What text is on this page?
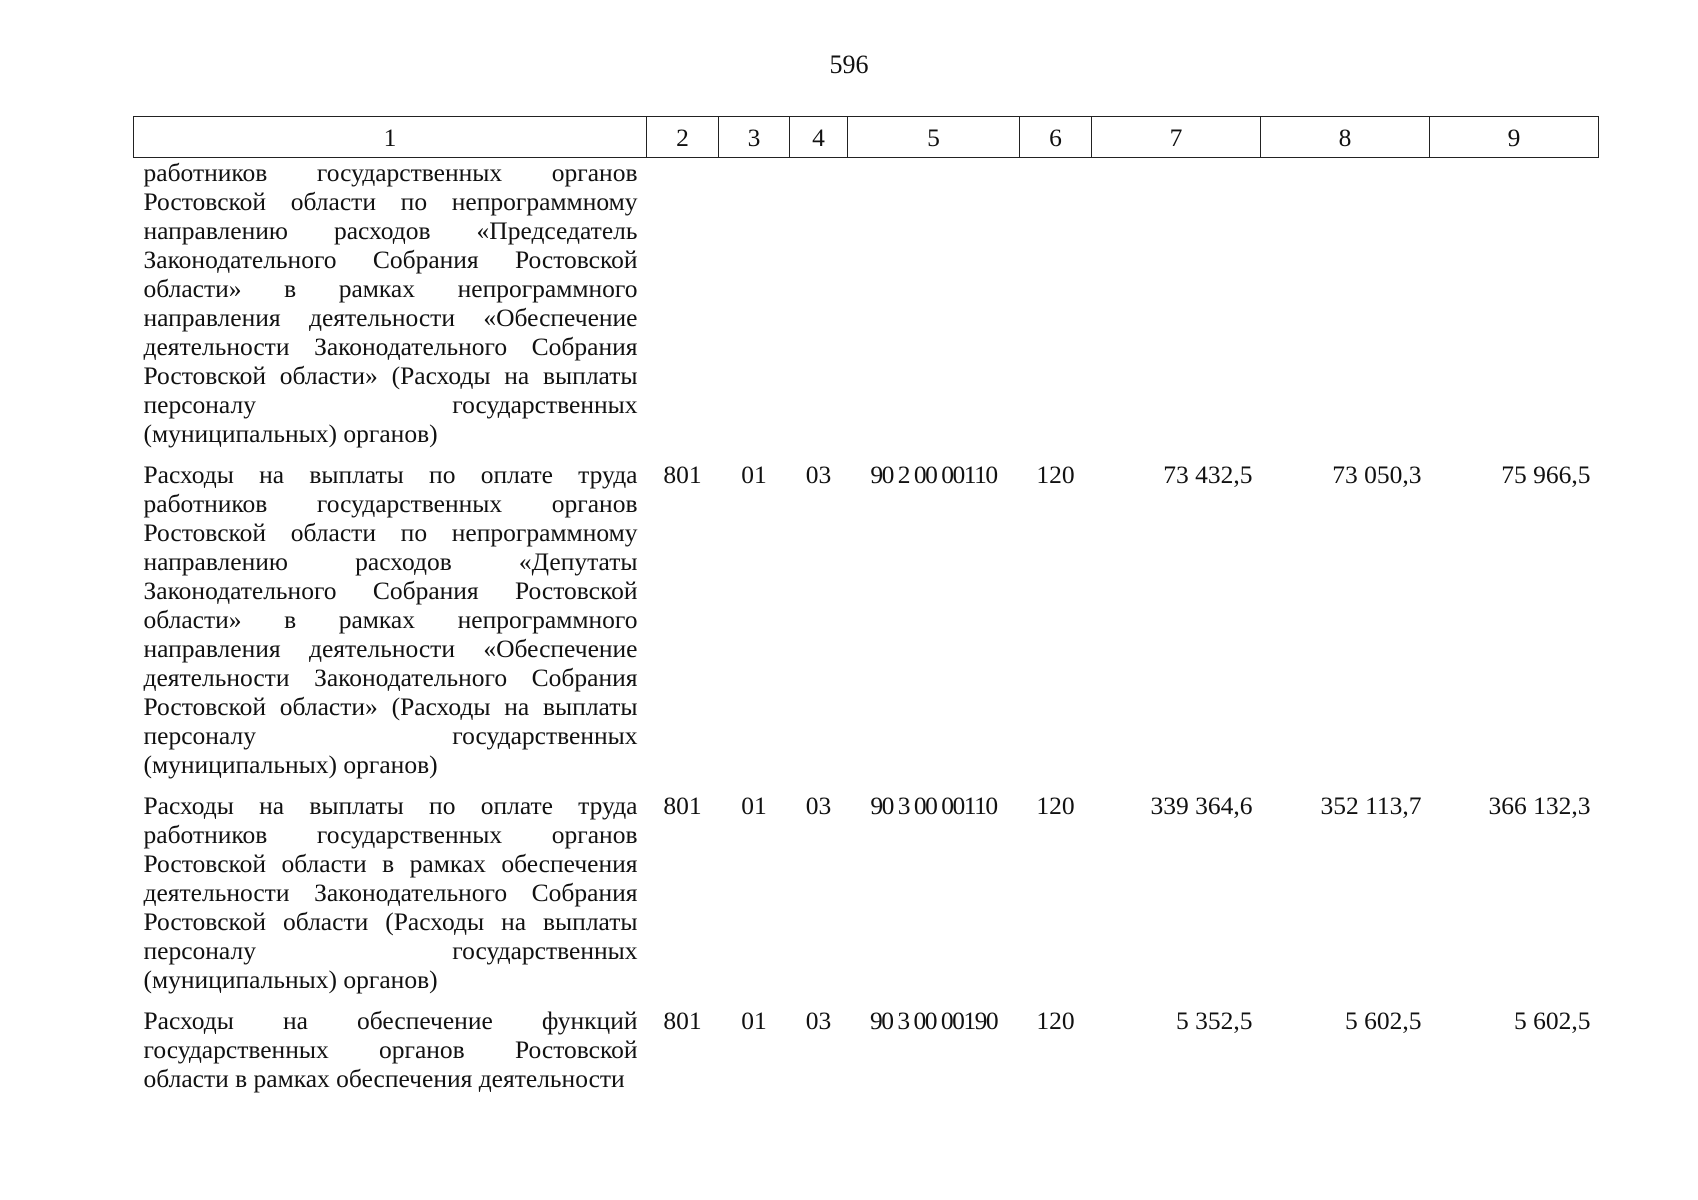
596
1	2	3	4	5	6	7	8	9
работников государственных органов Ростовской области по непрограммному направлению расходов «Председатель Законодательного Собрания Ростовской области» в рамках непрограммного направления деятельности «Обеспечение деятельности Законодательного Собрания Ростовской области» (Расходы на выплаты персоналу государственных (муниципальных) органов)								
Расходы на выплаты по оплате труда работников государственных органов Ростовской области по непрограммному направлению расходов «Депутаты Законодательного Собрания Ростовской области» в рамках непрограммного направления деятельности «Обеспечение деятельности Законодательного Собрания Ростовской области» (Расходы на выплаты персоналу государственных (муниципальных) органов)	801	01	03	90 2 00 00110	120	73 432,5	73 050,3	75 966,5
Расходы на выплаты по оплате труда работников государственных органов Ростовской области в рамках обеспечения деятельности Законодательного Собрания Ростовской области (Расходы на выплаты персоналу государственных (муниципальных) органов)	801	01	03	90 3 00 00110	120	339 364,6	352 113,7	366 132,3
Расходы на обеспечение функций государственных органов Ростовской области в рамках обеспечения деятельности	801	01	03	90 3 00 00190	120	5 352,5	5 602,5	5 602,5
